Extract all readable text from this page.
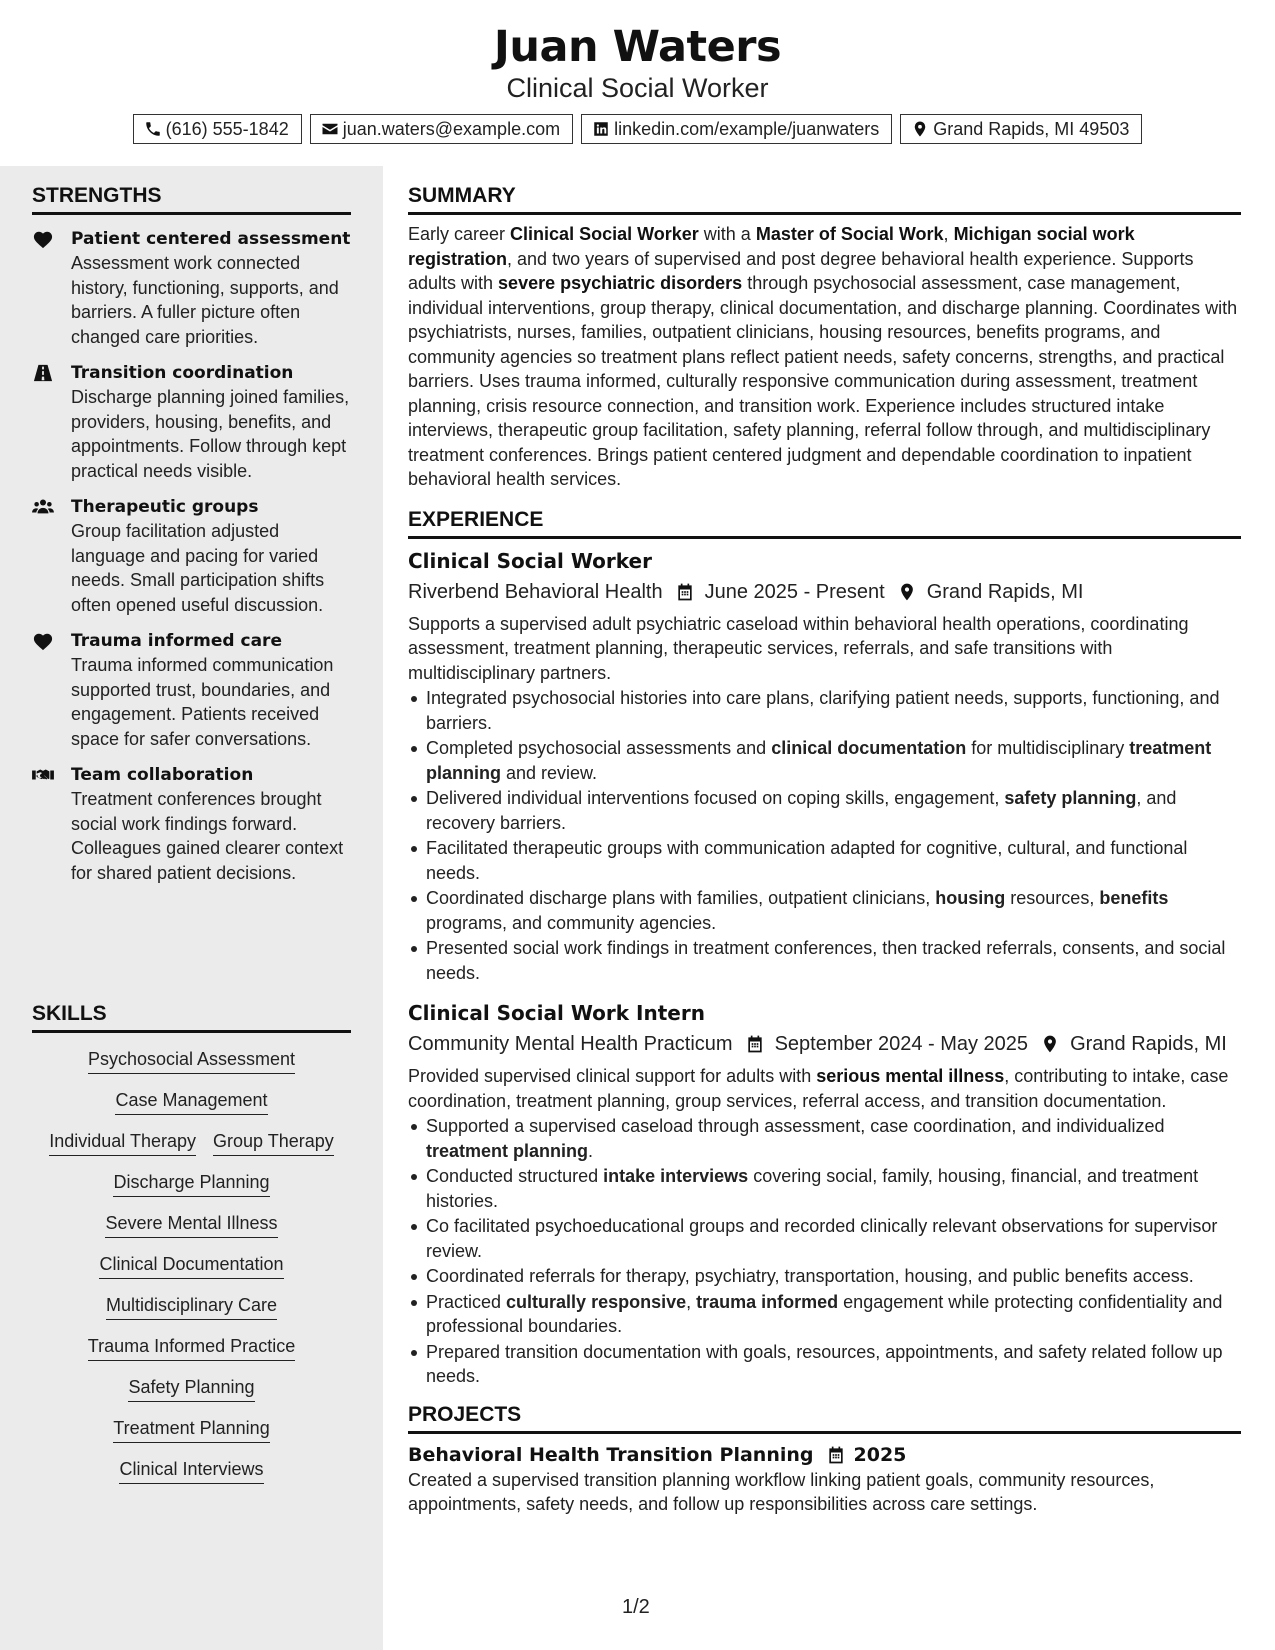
Juan Waters
Clinical Social Worker
(616) 555-1842	juan.waters@example.com	linkedin.com/example/juanwaters	Grand Rapids, MI 49503
STRENGTHS
Patient centered assessment
Assessment work connected history, functioning, supports, and barriers. A fuller picture often changed care priorities.
Transition coordination
Discharge planning joined families, providers, housing, benefits, and appointments. Follow through kept practical needs visible.
Therapeutic groups
Group facilitation adjusted language and pacing for varied needs. Small participation shifts often opened useful discussion.
Trauma informed care
Trauma informed communication supported trust, boundaries, and engagement. Patients received space for safer conversations.
Team collaboration
Treatment conferences brought social work findings forward. Colleagues gained clearer context for shared patient decisions.
SKILLS
Psychosocial Assessment
Case Management
Individual Therapy Group Therapy
Discharge Planning
Severe Mental Illness
Clinical Documentation
Multidisciplinary Care
Trauma Informed Practice
Safety Planning
Treatment Planning
Clinical Interviews
SUMMARY

Early career Clinical Social Worker with a Master of Social Work, Michigan social work registration, and two years of supervised and post degree behavioral health experience. Supports adults with severe psychiatric disorders through psychosocial assessment, case management, individual interventions, group therapy, clinical documentation, and discharge planning. Coordinates with psychiatrists, nurses, families, outpatient clinicians, housing resources, benefits programs, and community agencies so treatment plans reflect patient needs, safety concerns, strengths, and practical barriers. Uses trauma informed, culturally responsive communication during assessment, treatment planning, crisis resource connection, and transition work. Experience includes structured intake interviews, therapeutic group facilitation, safety planning, referral follow through, and multidisciplinary treatment conferences. Brings patient centered judgment and dependable coordination to inpatient behavioral health services.

EXPERIENCE
Clinical Social Worker
Riverbend Behavioral Health June 2025 - Present Grand Rapids, MI

Supports a supervised adult psychiatric caseload within behavioral health operations, coordinating assessment, treatment planning, therapeutic services, referrals, and safe transitions with multidisciplinary partners.

Integrated psychosocial histories into care plans, clarifying patient needs, supports, functioning, and barriers.
Completed psychosocial assessments and clinical documentation for multidisciplinary treatment planning and review.
Delivered individual interventions focused on coping skills, engagement, safety planning, and recovery barriers.
Facilitated therapeutic groups with communication adapted for cognitive, cultural, and functional needs.
Coordinated discharge plans with families, outpatient clinicians, housing resources, benefits programs, and community agencies.
Presented social work findings in treatment conferences, then tracked referrals, consents, and social needs.
Clinical Social Work Intern
Community Mental Health Practicum September 2024 - May 2025 Grand Rapids, MI

Provided supervised clinical support for adults with serious mental illness, contributing to intake, case coordination, treatment planning, group services, referral access, and transition documentation.

Supported a supervised caseload through assessment, case coordination, and individualized treatment planning.
Conducted structured intake interviews covering social, family, housing, financial, and treatment histories.
Co facilitated psychoeducational groups and recorded clinically relevant observations for supervisor review.
Coordinated referrals for therapy, psychiatry, transportation, housing, and public benefits access.
Practiced culturally responsive, trauma informed engagement while protecting confidentiality and professional boundaries.
Prepared transition documentation with goals, resources, appointments, and safety related follow up needs.
PROJECTS
Behavioral Health Transition Planning 2025

Created a supervised transition planning workflow linking patient goals, community resources, appointments, safety needs, and follow up responsibilities across care settings.

1/2
